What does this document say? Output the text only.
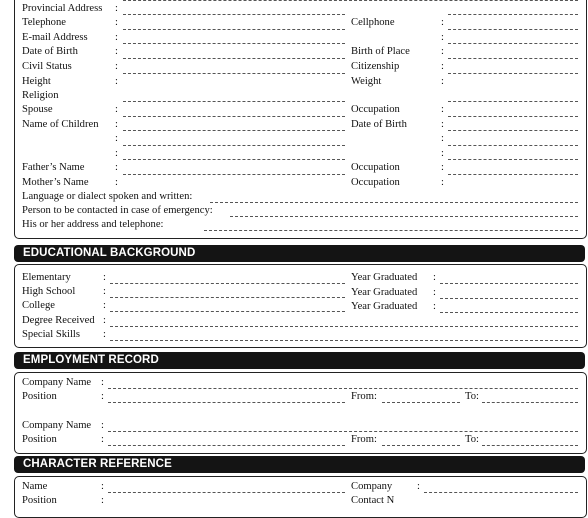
Provincial Address :
Telephone	:	Cellphone	:
E-mail Address	:	:
Date of Birth	:	Birth of Place	:
Civil Status	:	Citizenship	:
Height	:	Weight	:
Religion
Spouse	:	Occupation	:
Name of Children :	Date of Birth	:
:	:
:	:
Father’s Name	:	Occupation	:
Mother’s Name :	Occupation	:
Language or dialect spoken and written:
Person to be contacted in case of emergency:
His or her address and telephone:
EDUCATIONAL BACKGROUND
Elementary	:	Year Graduated :
High School	:	Year Graduated :
College	:	Year Graduated :
Degree Received :
Special Skills :
EMPLOYMENT RECORD
Company Name :
Position	:	From:	To:
Company Name :
Position	:	From:	To:
CHARACTER REFERENCE
Name	:	Company :
Position	:	Contact N
